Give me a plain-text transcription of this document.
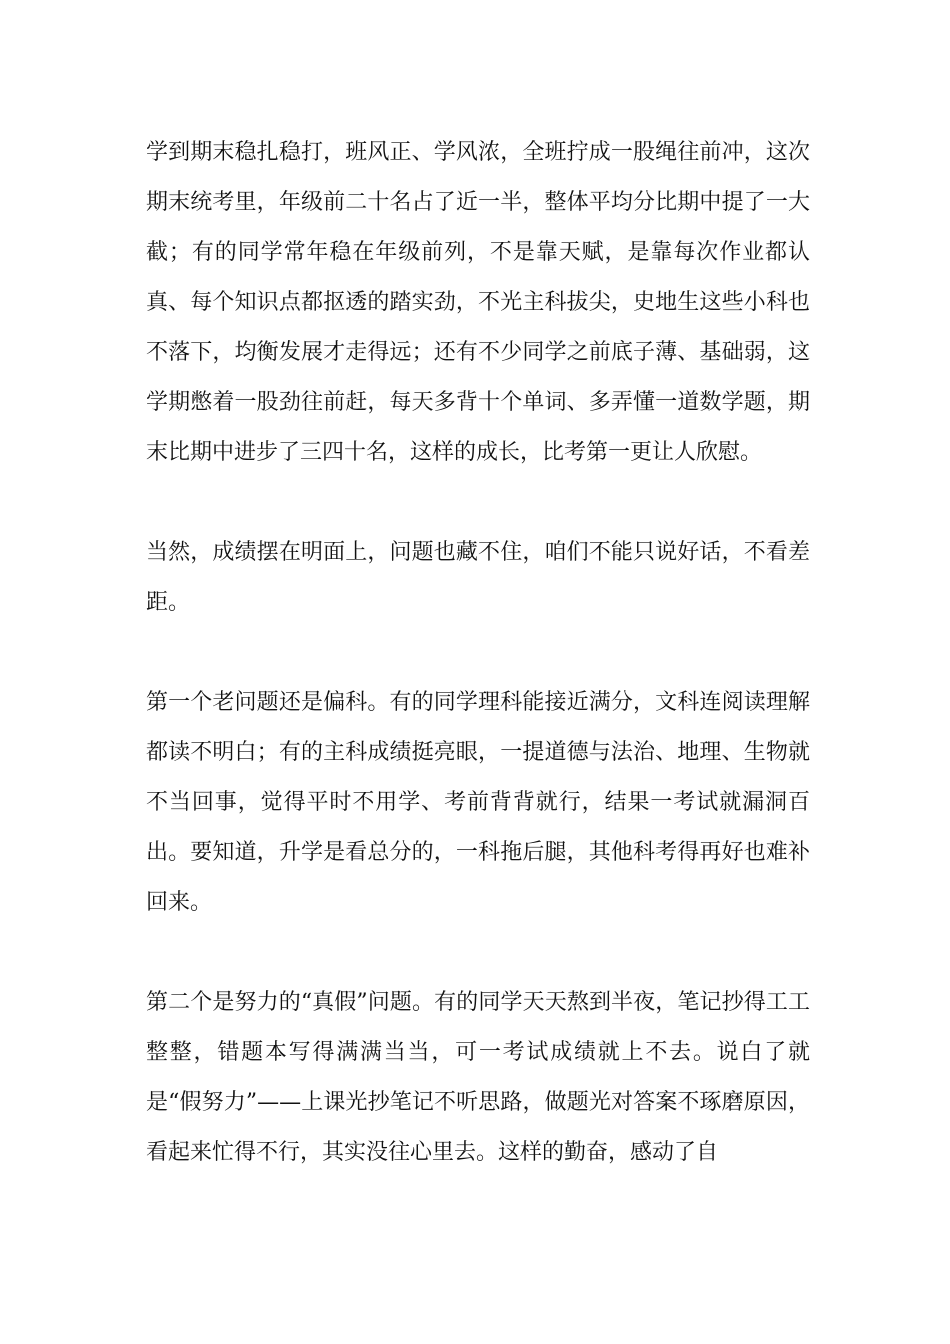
学到期末稳扎稳打，班风正、学风浓，全班拧成一股绳往前冲，这次期末统考里，年级前二十名占了近一半，整体平均分比期中提了一大截；有的同学常年稳在年级前列，不是靠天赋，是靠每次作业都认真、每个知识点都抠透的踏实劲，不光主科拔尖，史地生这些小科也不落下，均衡发展才走得远；还有不少同学之前底子薄、基础弱，这学期憋着一股劲往前赶，每天多背十个单词、多弄懂一道数学题，期末比期中进步了三四十名，这样的成长，比考第一更让人欣慰。

当然，成绩摆在明面上，问题也藏不住，咱们不能只说好话，不看差距。

第一个老问题还是偏科。有的同学理科能接近满分，文科连阅读理解都读不明白；有的主科成绩挺亮眼，一提道德与法治、地理、生物就不当回事，觉得平时不用学、考前背背就行，结果一考试就漏洞百出。要知道，升学是看总分的，一科拖后腿，其他科考得再好也难补回来。

第二个是努力的“真假”问题。有的同学天天熬到半夜，笔记抄得工工整整，错题本写得满满当当，可一考试成绩就上不去。说白了就是“假努力”——上课光抄笔记不听思路，做题光对答案不琢磨原因，看起来忙得不行，其实没往心里去。这样的勤奋，感动了自
